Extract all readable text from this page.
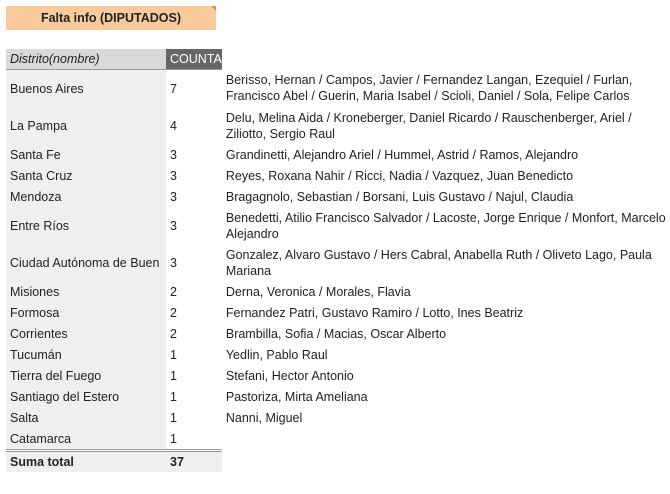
Falta info (DIPUTADOS)
Distrito(nombre)	COUNTA	
Buenos Aires	7	Berisso, Hernan / Campos, Javier / Fernandez Langan, Ezequiel / Furlan, Francisco Abel / Guerin, Maria Isabel / Scioli, Daniel / Sola, Felipe Carlos
La Pampa	4	Delu, Melina Aida / Kroneberger, Daniel Ricardo / Rauschenberger, Ariel / Ziliotto, Sergio Raul
Santa Fe	3	Grandinetti, Alejandro Ariel / Hummel, Astrid / Ramos, Alejandro
Santa Cruz	3	Reyes, Roxana Nahir / Ricci, Nadia / Vazquez, Juan Benedicto
Mendoza	3	Bragagnolo, Sebastian / Borsani, Luis Gustavo / Najul, Claudia
Entre Ríos	3	Benedetti, Atilio Francisco Salvador / Lacoste, Jorge Enrique / Monfort, Marcelo Alejandro
Ciudad Autónoma de Buen	3	Gonzalez, Alvaro Gustavo / Hers Cabral, Anabella Ruth / Oliveto Lago, Paula Mariana
Misiones	2	Derna, Veronica / Morales, Flavia
Formosa	2	Fernandez Patri, Gustavo Ramiro / Lotto, Ines Beatriz
Corrientes	2	Brambilla, Sofia / Macias, Oscar Alberto
Tucumán	1	Yedlin, Pablo Raul
Tierra del Fuego	1	Stefani, Hector Antonio
Santiago del Estero	1	Pastoriza, Mirta Ameliana
Salta	1	Nanni, Miguel
Catamarca	1	
Suma total	37	
